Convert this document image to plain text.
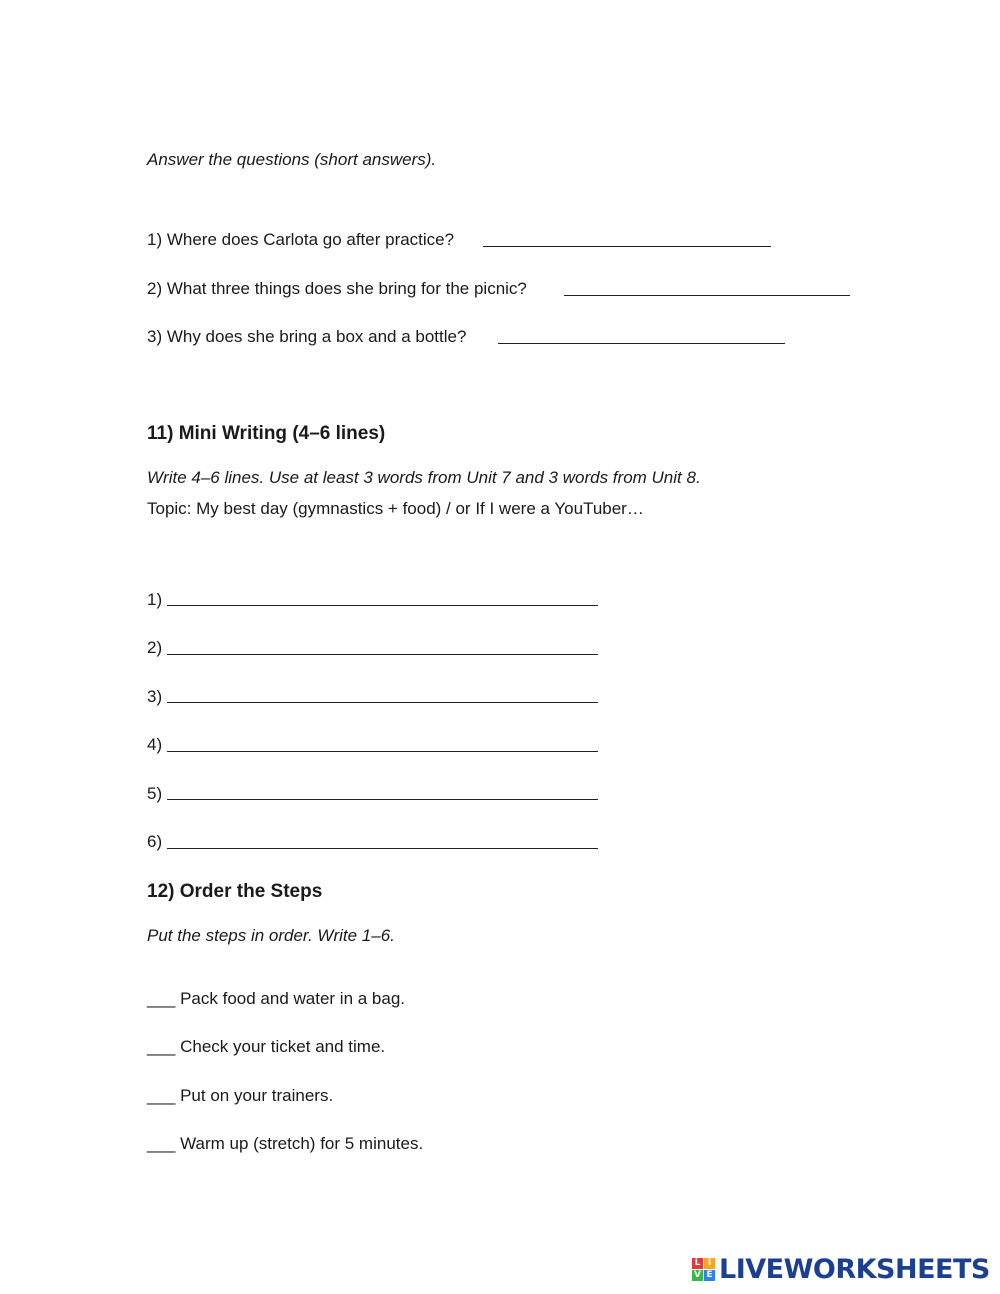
Answer the questions (short answers).
1) Where does Carlota go after practice?
2) What three things does she bring for the picnic?
3) Why does she bring a box and a bottle?
11) Mini Writing (4–6 lines)
Write 4–6 lines. Use at least 3 words from Unit 7 and 3 words from Unit 8.
Topic: My best day (gymnastics + food) / or If I were a YouTuber…
1)
2)
3)
4)
5)
6)
12) Order the Steps
Put the steps in order. Write 1–6.
___ Pack food and water in a bag.
___ Check your ticket and time.
___ Put on your trainers.
___ Warm up (stretch) for 5 minutes.
L I
V E LIVEWORKSHEETS
